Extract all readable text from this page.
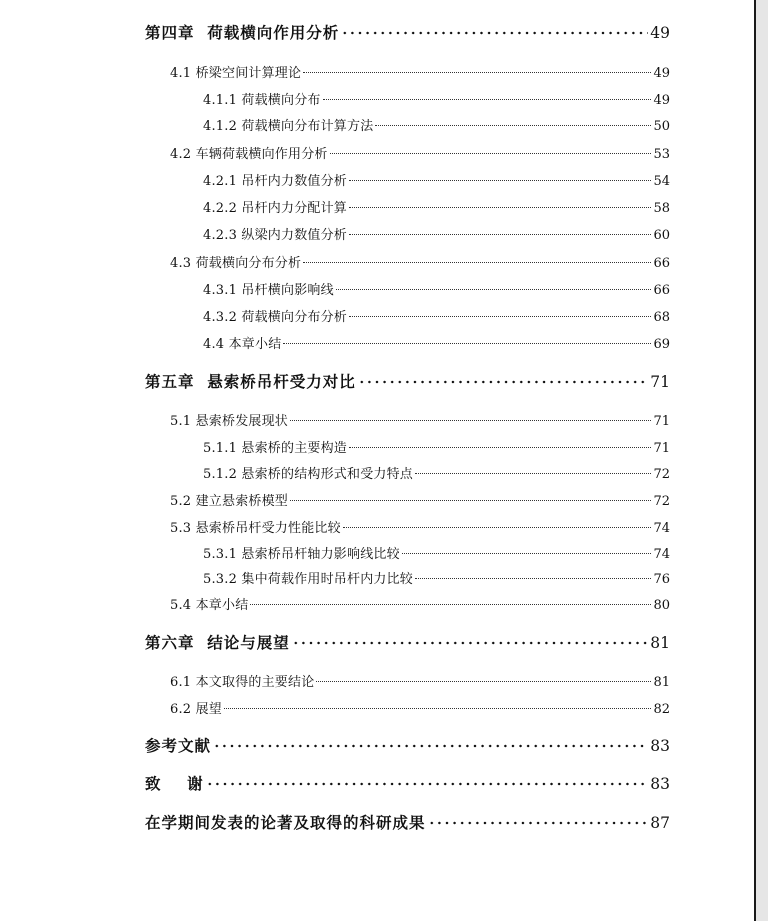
第四章  荷载横向作用分析	49
4.1 桥梁空间计算理论	49
4.1.1 荷载横向分布	49
4.1.2 荷载横向分布计算方法	50
4.2 车辆荷载横向作用分析	53
4.2.1 吊杆内力数值分析	54
4.2.2 吊杆内力分配计算	58
4.2.3 纵梁内力数值分析	60
4.3 荷载横向分布分析	66
4.3.1 吊杆横向影响线	66
4.3.2 荷载横向分布分析	68
4.4 本章小结	69
第五章  悬索桥吊杆受力对比	71
5.1 悬索桥发展现状	71
5.1.1 悬索桥的主要构造	71
5.1.2 悬索桥的结构形式和受力特点	72
5.2 建立悬索桥模型	72
5.3 悬索桥吊杆受力性能比较	74
5.3.1 悬索桥吊杆轴力影响线比较	74
5.3.2 集中荷载作用时吊杆内力比较	76
5.4 本章小结	80
第六章  结论与展望	81
6.1 本文取得的主要结论	81
6.2 展望	82
参考文献	83
致    谢	83
在学期间发表的论著及取得的科研成果	87
